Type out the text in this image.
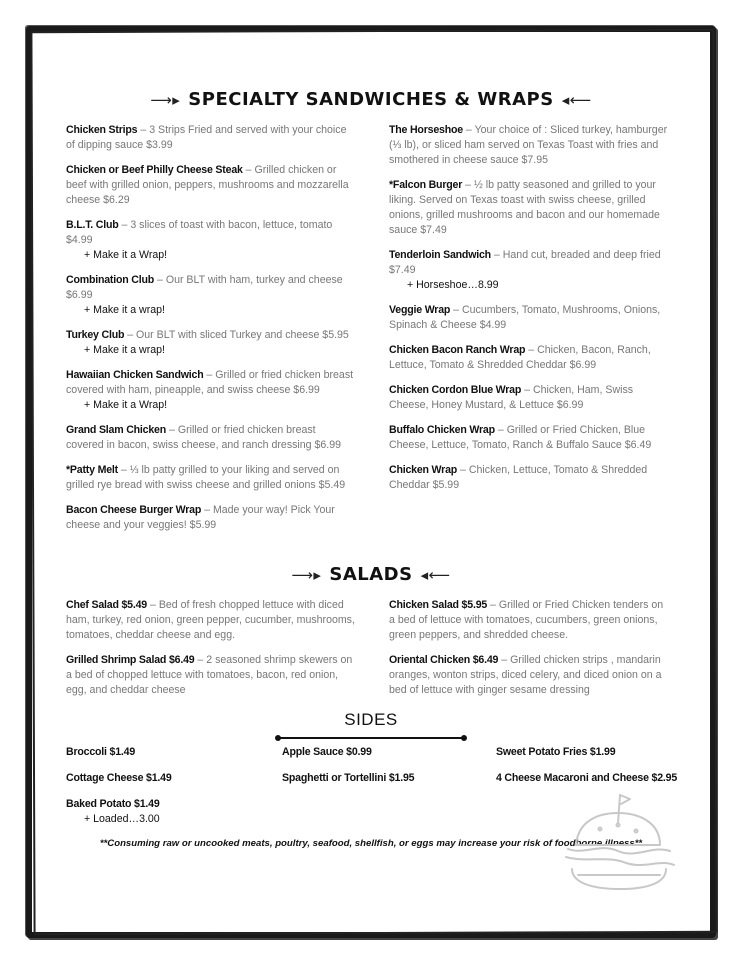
⟶▸ SPECIALTY SANDWICHES & WRAPS ◂⟵
Chicken Strips – 3 Strips Fried and served with your choice of dipping sauce $3.99
Chicken or Beef Philly Cheese Steak – Grilled chicken or beef with grilled onion, peppers, mushrooms and mozzarella cheese $6.29
B.L.T. Club – 3 slices of toast with bacon, lettuce, tomato $4.99
+ Make it a Wrap!
Combination Club – Our BLT with ham, turkey and cheese $6.99
+ Make it a wrap!
Turkey Club – Our BLT with sliced Turkey and cheese $5.95
+ Make it a wrap!
Hawaiian Chicken Sandwich – Grilled or fried chicken breast covered with ham, pineapple, and swiss cheese $6.99
+ Make it a Wrap!
Grand Slam Chicken – Grilled or fried chicken breast covered in bacon, swiss cheese, and ranch dressing $6.99
*Patty Melt – ⅓ lb patty grilled to your liking and served on grilled rye bread with swiss cheese and grilled onions $5.49
Bacon Cheese Burger Wrap – Made your way! Pick Your cheese and your veggies! $5.99
The Horseshoe – Your choice of : Sliced turkey, hamburger (⅓ lb), or sliced ham served on Texas Toast with fries and smothered in cheese sauce $7.95
*Falcon Burger – ½ lb patty seasoned and grilled to your liking. Served on Texas toast with swiss cheese, grilled onions, grilled mushrooms and bacon and our homemade sauce $7.49
Tenderloin Sandwich – Hand cut, breaded and deep fried $7.49
+ Horseshoe…8.99
Veggie Wrap – Cucumbers, Tomato, Mushrooms, Onions, Spinach & Cheese $4.99
Chicken Bacon Ranch Wrap – Chicken, Bacon, Ranch, Lettuce, Tomato & Shredded Cheddar $6.99
Chicken Cordon Blue Wrap – Chicken, Ham, Swiss Cheese, Honey Mustard, & Lettuce $6.99
Buffalo Chicken Wrap – Grilled or Fried Chicken, Blue Cheese, Lettuce, Tomato, Ranch & Buffalo Sauce $6.49
Chicken Wrap – Chicken, Lettuce, Tomato & Shredded Cheddar $5.99
⟶▸ SALADS ◂⟵
Chef Salad $5.49 – Bed of fresh chopped lettuce with diced ham, turkey, red onion, green pepper, cucumber, mushrooms, tomatoes, cheddar cheese and egg.
Grilled Shrimp Salad $6.49 – 2 seasoned shrimp skewers on a bed of chopped lettuce with tomatoes, bacon, red onion, egg, and cheddar cheese
Chicken Salad $5.95 – Grilled or Fried Chicken tenders on a bed of lettuce with tomatoes, cucumbers, green onions, green peppers, and shredded cheese.
Oriental Chicken $6.49 – Grilled chicken strips , mandarin oranges, wonton strips, diced celery, and diced onion on a bed of lettuce with ginger sesame dressing
SIDES
Broccoli $1.49	Apple Sauce $0.99	Sweet Potato Fries $1.99
Cottage Cheese $1.49	Spaghetti or Tortellini $1.95	4 Cheese Macaroni and Cheese $2.95
Baked Potato $1.49
+ Loaded…3.00
**Consuming raw or uncooked meats, poultry, seafood, shellfish, or eggs may increase your risk of foodborne illness**
